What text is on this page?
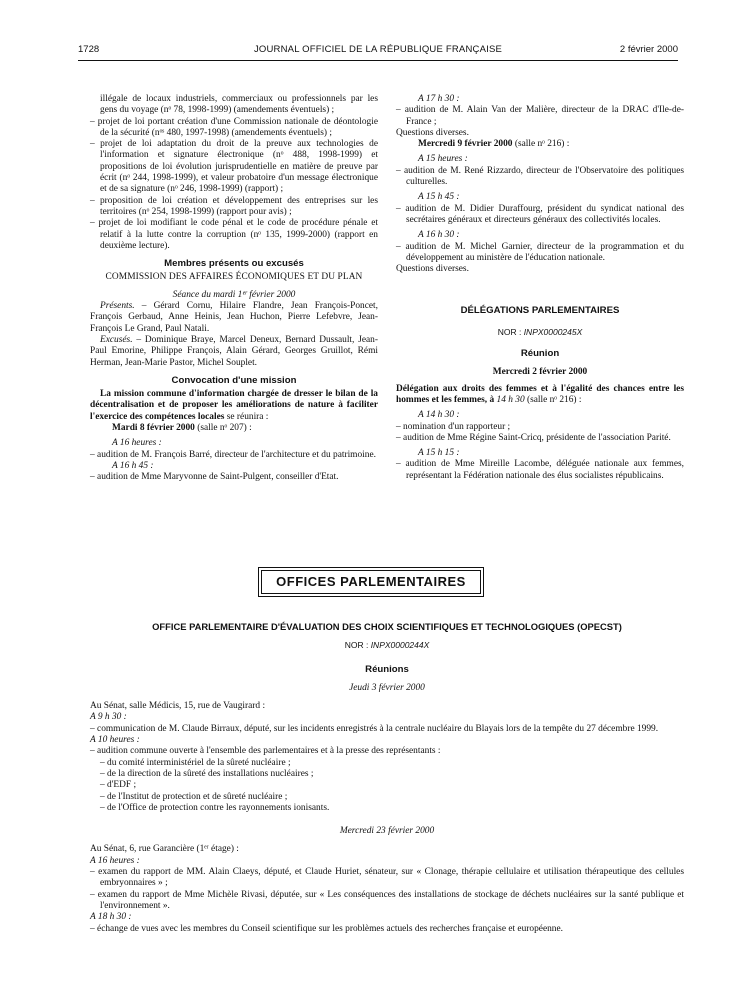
1728	JOURNAL OFFICIEL DE LA RÉPUBLIQUE FRANÇAISE	2 février 2000

illégale de locaux industriels, commerciaux ou professionnels par les gens du voyage (nᵒ 78, 1998-1999) (amendements éventuels) ;

– projet de loi portant création d'une Commission nationale de déontologie de la sécurité (nᵒˢ 480, 1997-1998) (amendements éventuels) ;

– projet de loi adaptation du droit de la preuve aux technologies de l'information et signature électronique (nᵒ 488, 1998-1999) et propositions de loi évolution jurisprudentielle en matière de preuve par écrit (nᵒ 244, 1998-1999), et valeur probatoire d'un message électronique et de sa signature (nᵒ 246, 1998-1999) (rapport) ;

– proposition de loi création et développement des entreprises sur les territoires (nᵒ 254, 1998-1999) (rapport pour avis) ;

– projet de loi modifiant le code pénal et le code de procédure pénale et relatif à la lutte contre la corruption (nᵒ 135, 1999-2000) (rapport en deuxième lecture).

Membres présents ou excusés

COMMISSION DES AFFAIRES ÉCONOMIQUES ET DU PLAN

Séance du mardi 1ᵉʳ février 2000

Présents. – Gérard Cornu, Hilaire Flandre, Jean François-Poncet, François Gerbaud, Anne Heinis, Jean Huchon, Pierre Lefebvre, Jean-François Le Grand, Paul Natali.

Excusés. – Dominique Braye, Marcel Deneux, Bernard Dussault, Jean-Paul Emorine, Philippe François, Alain Gérard, Georges Gruillot, Rémi Herman, Jean-Marie Pastor, Michel Souplet.

Convocation d'une mission

La mission commune d'information chargée de dresser le bilan de la décentralisation et de proposer les améliorations de nature à faciliter l'exercice des compétences locales se réunira :

Mardi 8 février 2000 (salle nᵒ 207) :

A 16 heures :

– audition de M. François Barré, directeur de l'architecture et du patrimoine.

A 16 h 45 :

– audition de Mme Maryvonne de Saint-Pulgent, conseiller d'Etat.

A 17 h 30 :

– audition de M. Alain Van der Malière, directeur de la DRAC d'Ile-de-France ;

Questions diverses.

Mercredi 9 février 2000 (salle nᵒ 216) :

A 15 heures :

– audition de M. René Rizzardo, directeur de l'Observatoire des politiques culturelles.

A 15 h 45 :

– audition de M. Didier Duraffourg, président du syndicat national des secrétaires généraux et directeurs généraux des collectivités locales.

A 16 h 30 :

– audition de M. Michel Garnier, directeur de la programmation et du développement au ministère de l'éducation nationale.

Questions diverses.

DÉLÉGATIONS PARLEMENTAIRES

NOR : INPX0000245X

Réunion

Mercredi 2 février 2000

Délégation aux droits des femmes et à l'égalité des chances entre les hommes et les femmes, à 14 h 30 (salle nᵒ 216) :

A 14 h 30 :

– nomination d'un rapporteur ;

– audition de Mme Régine Saint-Cricq, présidente de l'association Parité.

A 15 h 15 :

– audition de Mme Mireille Lacombe, déléguée nationale aux femmes, représentant la Fédération nationale des élus socialistes républicains.

OFFICES PARLEMENTAIRES

OFFICE PARLEMENTAIRE D'ÉVALUATION DES CHOIX SCIENTIFIQUES ET TECHNOLOGIQUES (OPECST)

NOR : INPX0000244X

Réunions

Jeudi 3 février 2000

Au Sénat, salle Médicis, 15, rue de Vaugirard :

A 9 h 30 :

– communication de M. Claude Birraux, député, sur les incidents enregistrés à la centrale nucléaire du Blayais lors de la tempête du 27 décembre 1999.

A 10 heures :

– audition commune ouverte à l'ensemble des parlementaires et à la presse des représentants :

– du comité interministériel de la sûreté nucléaire ;

– de la direction de la sûreté des installations nucléaires ;

– d'EDF ;

– de l'Institut de protection et de sûreté nucléaire ;

– de l'Office de protection contre les rayonnements ionisants.

Mercredi 23 février 2000

Au Sénat, 6, rue Garancière (1ᵉʳ étage) :

A 16 heures :

– examen du rapport de MM. Alain Claeys, député, et Claude Huriet, sénateur, sur « Clonage, thérapie cellulaire et utilisation thérapeutique des cellules embryonnaires » ;

– examen du rapport de Mme Michèle Rivasi, députée, sur « Les conséquences des installations de stockage de déchets nucléaires sur la santé publique et l'environnement ».

A 18 h 30 :

– échange de vues avec les membres du Conseil scientifique sur les problèmes actuels des recherches française et européenne.
